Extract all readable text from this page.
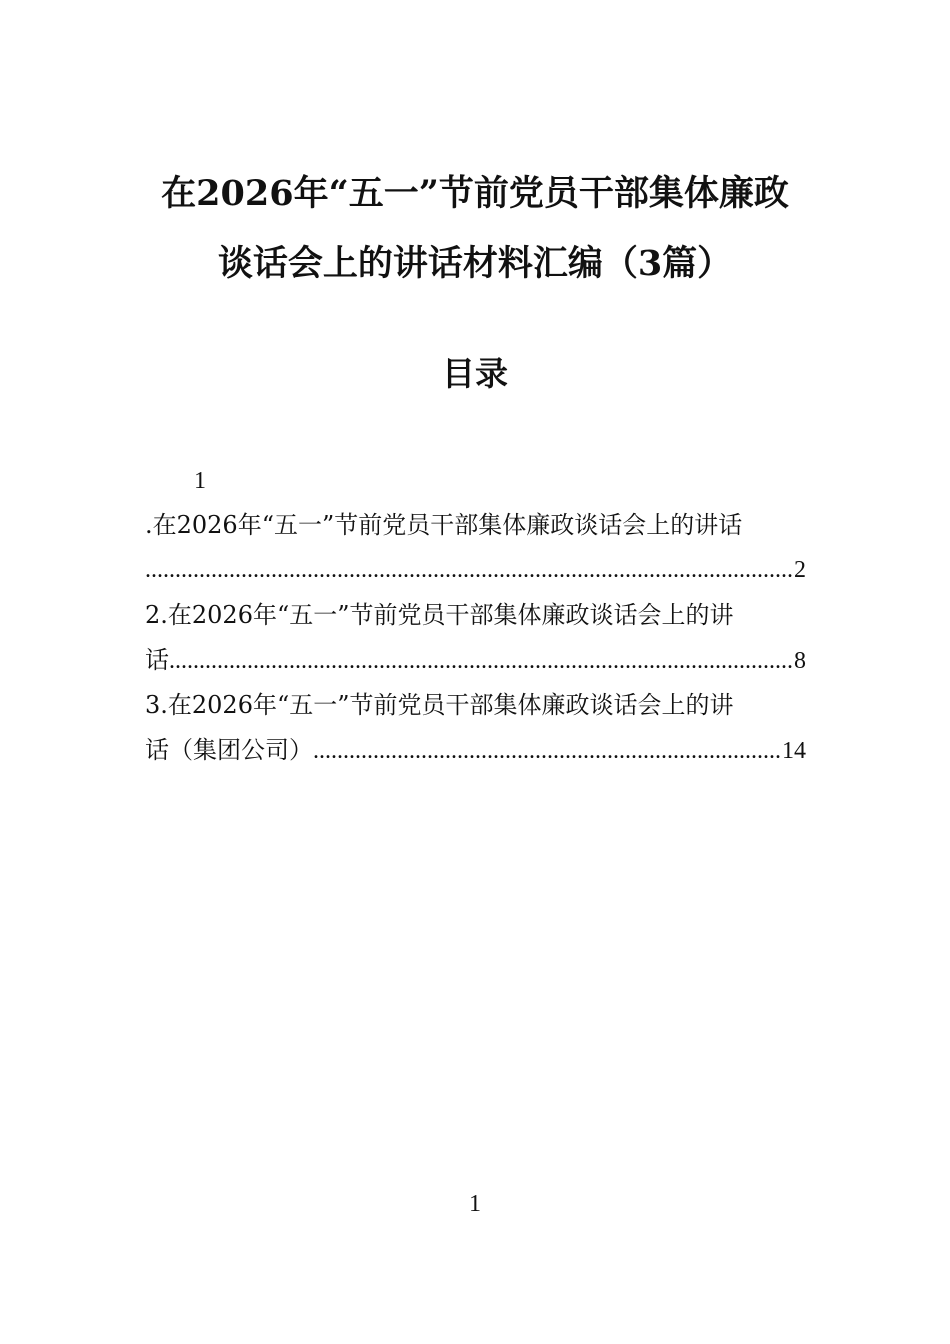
在2026年“五一”节前党员干部集体廉政
谈话会上的讲话材料汇编（3篇）
目录
1
.在2026年“五一”节前党员干部集体廉政谈话会上的讲话
.....
2
2.在2026年“五一”节前党员干部集体廉政谈话会上的讲
话 .....	8
3.在2026年“五一”节前党员干部集体廉政谈话会上的讲
话（集团公司） .....	14
1
